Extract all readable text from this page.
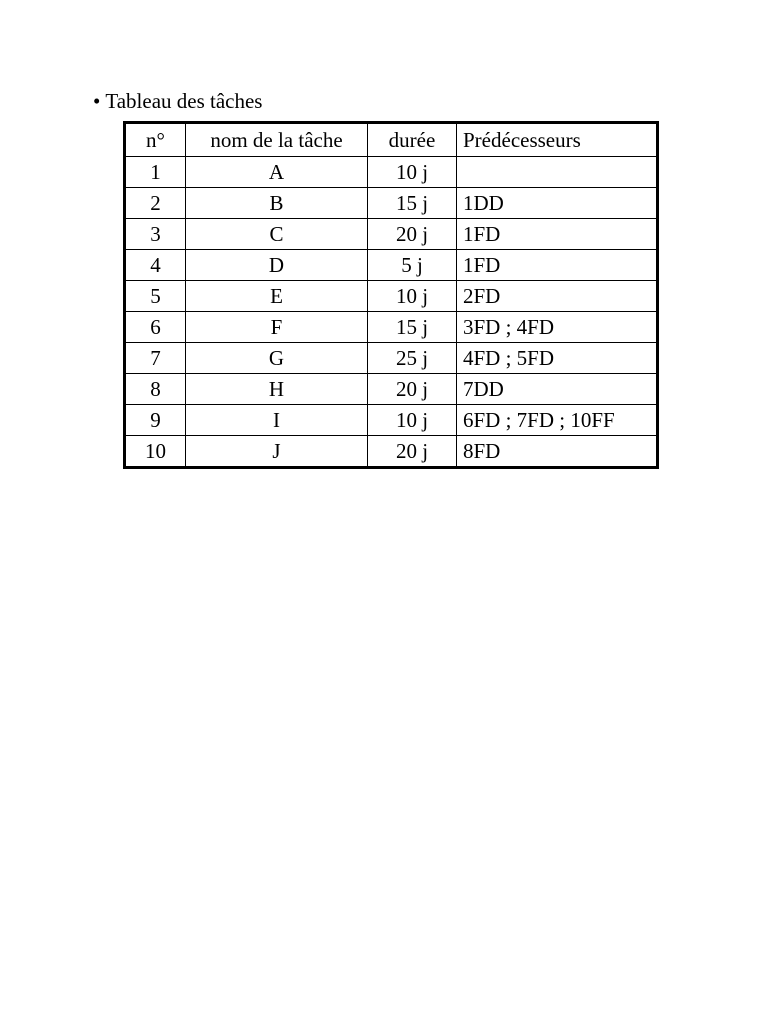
• Tableau des tâches
n°	nom de la tâche	durée	Prédécesseurs
1	A	10 j	
2	B	15 j	1DD
3	C	20 j	1FD
4	D	5 j	1FD
5	E	10 j	2FD
6	F	15 j	3FD ; 4FD
7	G	25 j	4FD ; 5FD
8	H	20 j	7DD
9	I	10 j	6FD ; 7FD ; 10FF
10	J	20 j	8FD
